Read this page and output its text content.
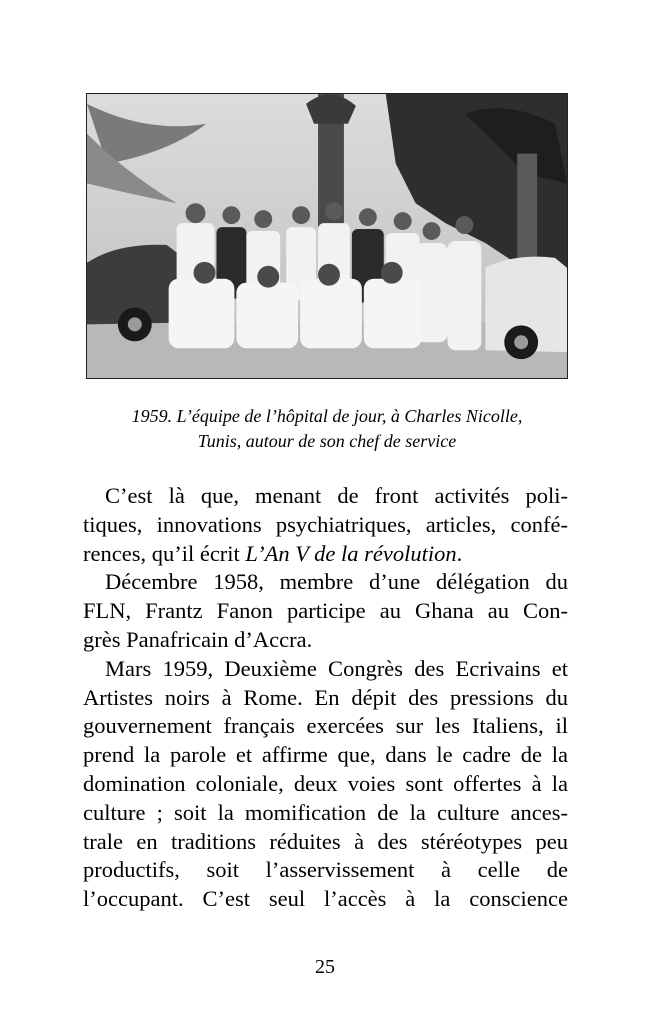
1959. L’équipe de l’hôpital de jour, à Charles Nicolle,
Tunis, autour de son chef de service
C’est là que, menant de front activités poli-
tiques, innovations psychiatriques, articles, confé-
rences, qu’il écrit L’An V de la révolution.
Décembre 1958, membre d’une délégation du
FLN, Frantz Fanon participe au Ghana au Con-
grès Panafricain d’Accra.
Mars 1959, Deuxième Congrès des Ecrivains et
Artistes noirs à Rome. En dépit des pressions du
gouvernement français exercées sur les Italiens, il
prend la parole et affirme que, dans le cadre de la
domination coloniale, deux voies sont offertes à la
culture ; soit la momification de la culture ances-
trale en traditions réduites à des stéréotypes peu
productifs, soit l’asservissement à celle de
l’occupant. C’est seul l’accès à la conscience
25
